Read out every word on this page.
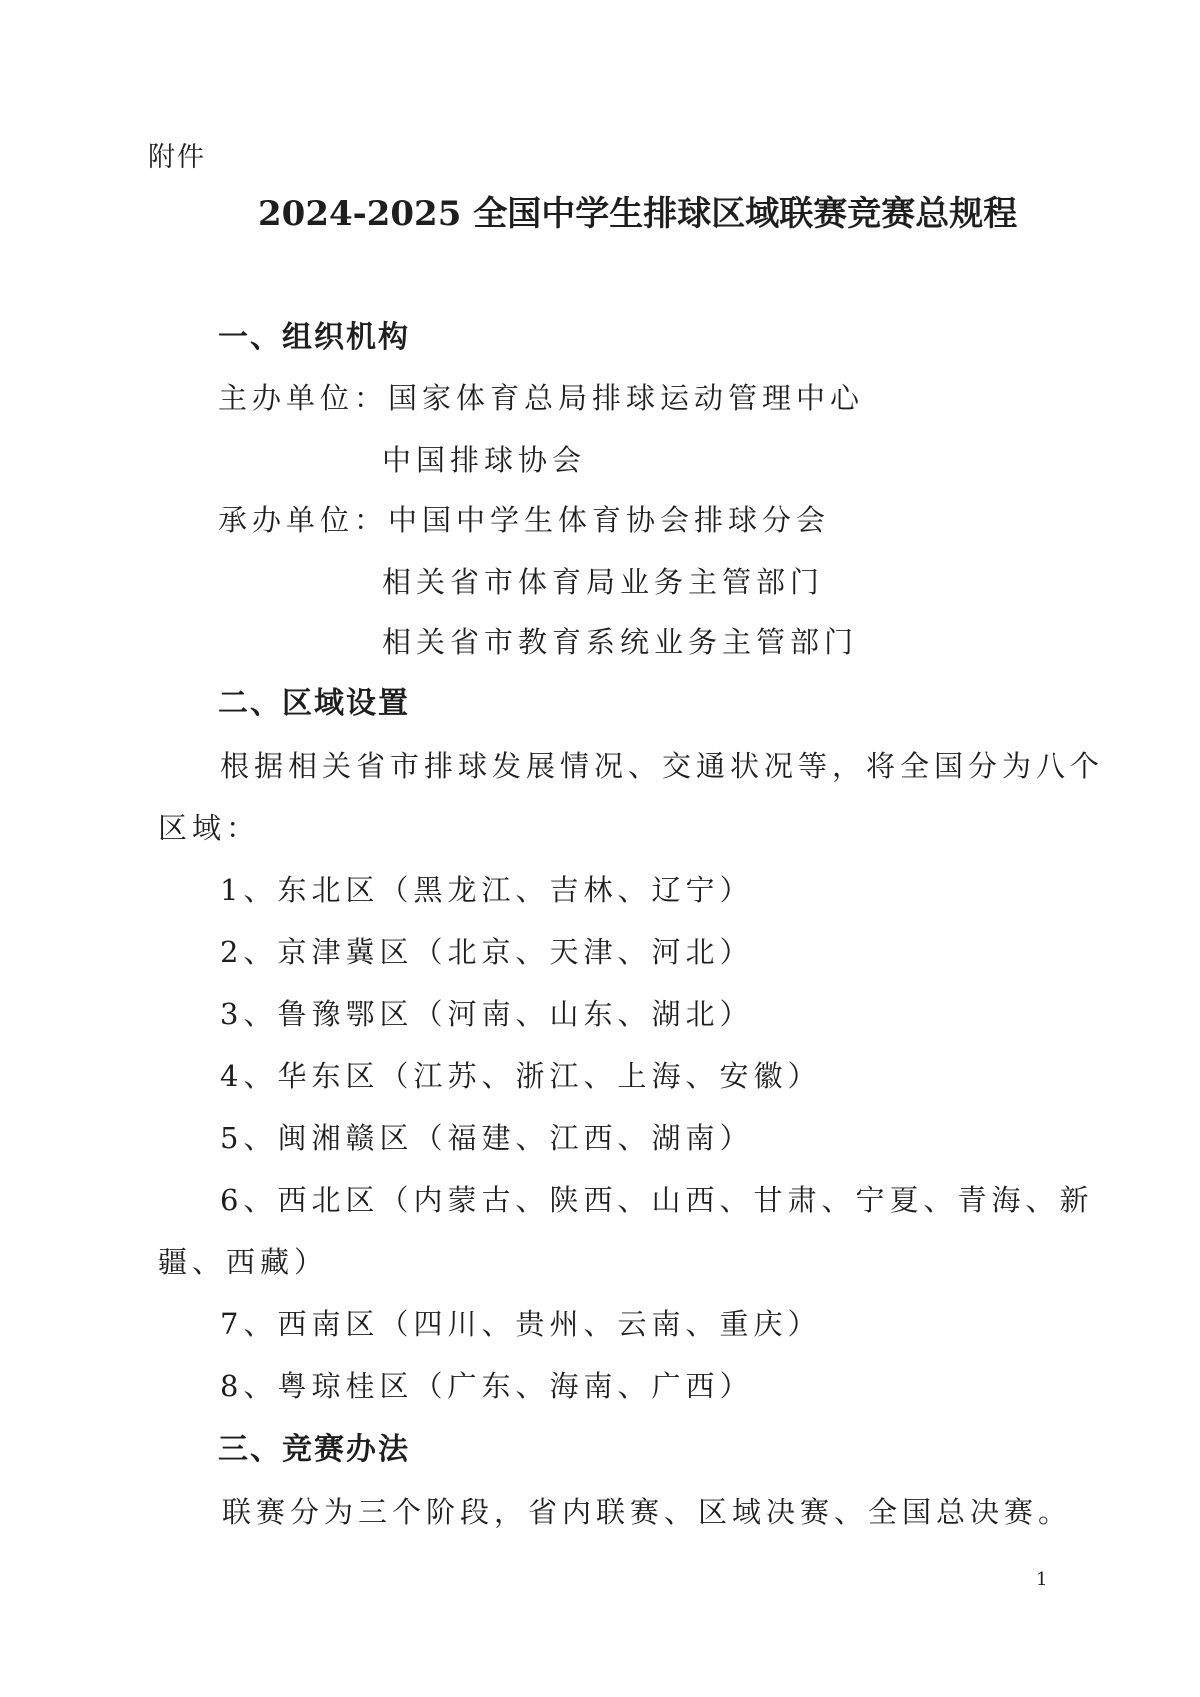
附件
2024-2025 全国中学生排球区域联赛竞赛总规程
一、组织机构
主办单位：国家体育总局排球运动管理中心
中国排球协会
承办单位：中国中学生体育协会排球分会
相关省市体育局业务主管部门
相关省市教育系统业务主管部门
二、区域设置
根据相关省市排球发展情况、交通状况等，将全国分为八个
区域：
1、东北区（黑龙江、吉林、辽宁）
2、京津冀区（北京、天津、河北）
3、鲁豫鄂区（河南、山东、湖北）
4、华东区（江苏、浙江、上海、安徽）
5、闽湘赣区（福建、江西、湖南）
6、西北区（内蒙古、陕西、山西、甘肃、宁夏、青海、新
疆、西藏）
7、西南区（四川、贵州、云南、重庆）
8、粤琼桂区（广东、海南、广西）
三、竞赛办法
联赛分为三个阶段，省内联赛、区域决赛、全国总决赛。
1
